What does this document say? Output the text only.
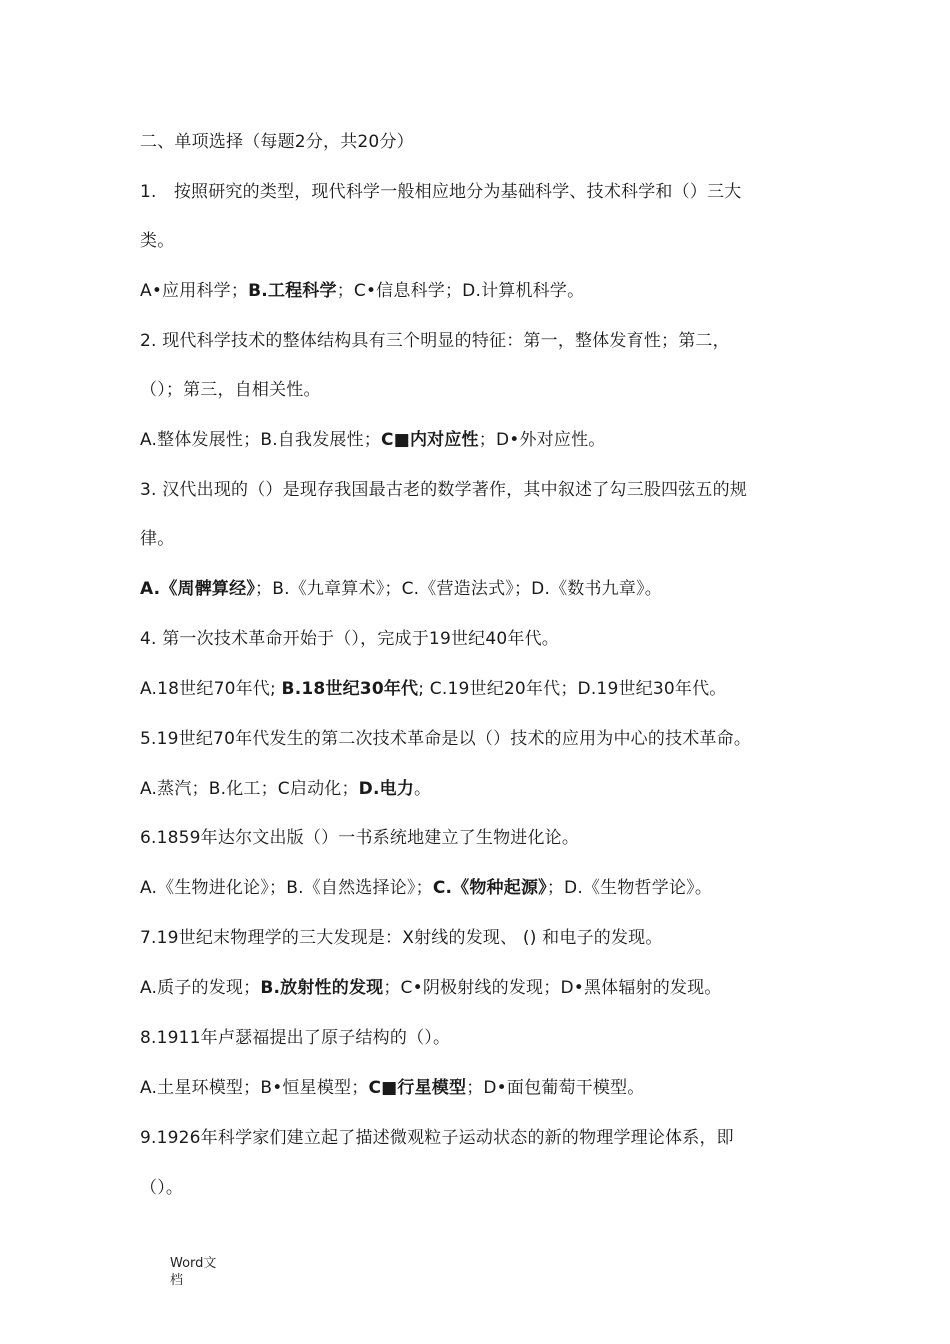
二、单项选择（每题2分，共20分）
1.　按照研究的类型，现代科学一般相应地分为基础科学、技术科学和（）三大
类。
A•应用科学；B.工程科学；C•信息科学；D.计算机科学。
2. 现代科学技术的整体结构具有三个明显的特征：第一，整体发育性；第二，
（）；第三，自相关性。
A.整体发展性；B.自我发展性；C■内对应性；D•外对应性。
3. 汉代出现的（）是现存我国最古老的数学著作，其中叙述了勾三股四弦五的规
律。
A.《周髀算经》；B.《九章算术》；C.《营造法式》；D.《数书九章》。
4. 第一次技术革命开始于（），完成于19世纪40年代。
A.18世纪70年代; B.18世纪30年代; C.19世纪20年代；D.19世纪30年代。
5.19世纪70年代发生的第二次技术革命是以（）技术的应用为中心的技术革命。
A.蒸汽；B.化工；C启动化；D.电力。
6.1859年达尔文出版（）一书系统地建立了生物进化论。
A.《生物进化论》；B.《自然选择论》；C.《物种起源》；D.《生物哲学论》。
7.19世纪末物理学的三大发现是：X射线的发现、 () 和电子的发现。
A.质子的发现；B.放射性的发现；C•阴极射线的发现；D•黑体辐射的发现。
8.1911年卢瑟福提出了原子结构的（）。
A.土星环模型；B•恒星模型；C■行星模型；D•面包葡萄干模型。
9.1926年科学家们建立起了描述微观粒子运动状态的新的物理学理论体系，即
（）。
Word文
档
